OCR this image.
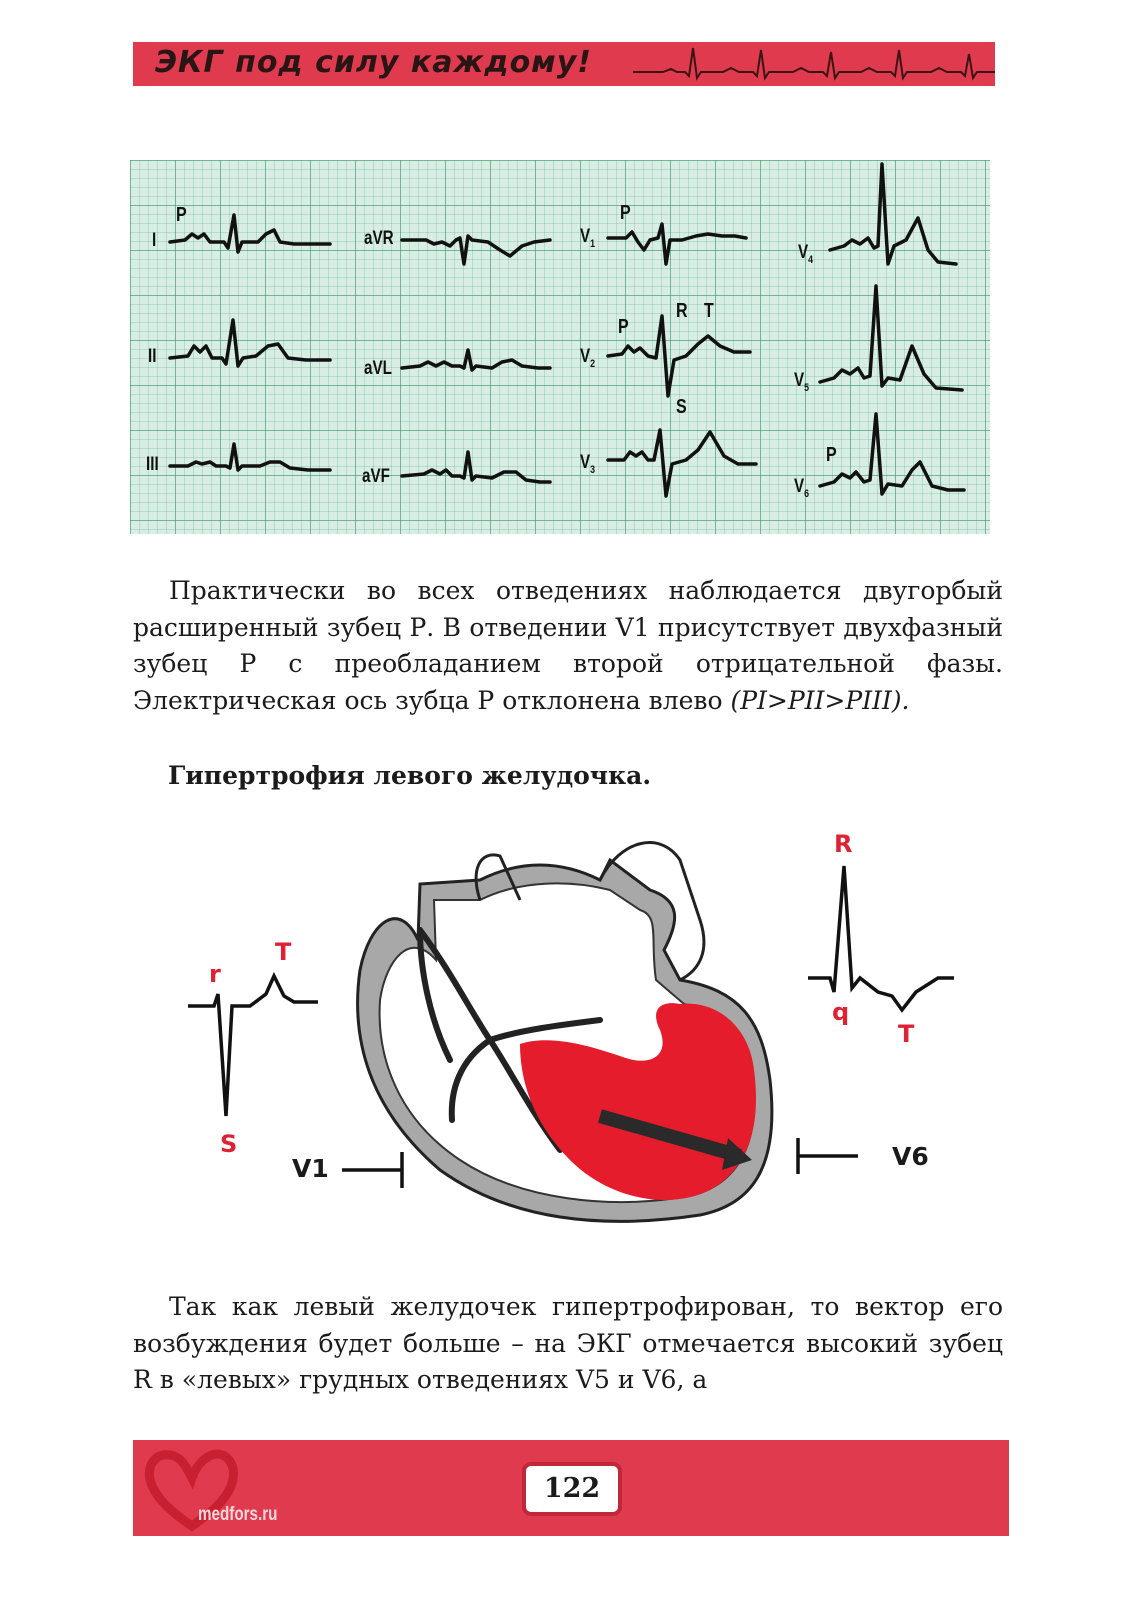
ЭКГ под силу каждому!
I
II
III
aVR
aVL
aVF
$V_1$
$V_2$
$V_3$
$V_4$
$V_5$
$V_6$
P	P
P
R T
S
P

Практически во всех отведениях наблюдается двугорбый расширенный зубец Р. В отведении V1 присутствует двухфазный зубец Р с преобладанием второй отрицательной фазы. Электрическая ось зубца Р отклонена влево (PI>PII>PIII).

Гипертрофия левого желудочка.
r
T
S
R
q
T
V1	V6

Так как левый желудочек гипертрофирован, то вектор его возбуждения будет больше – на ЭКГ отмечается высокий зубец R в «левых» грудных отведениях V5 и V6, а

medfors.ru
122
